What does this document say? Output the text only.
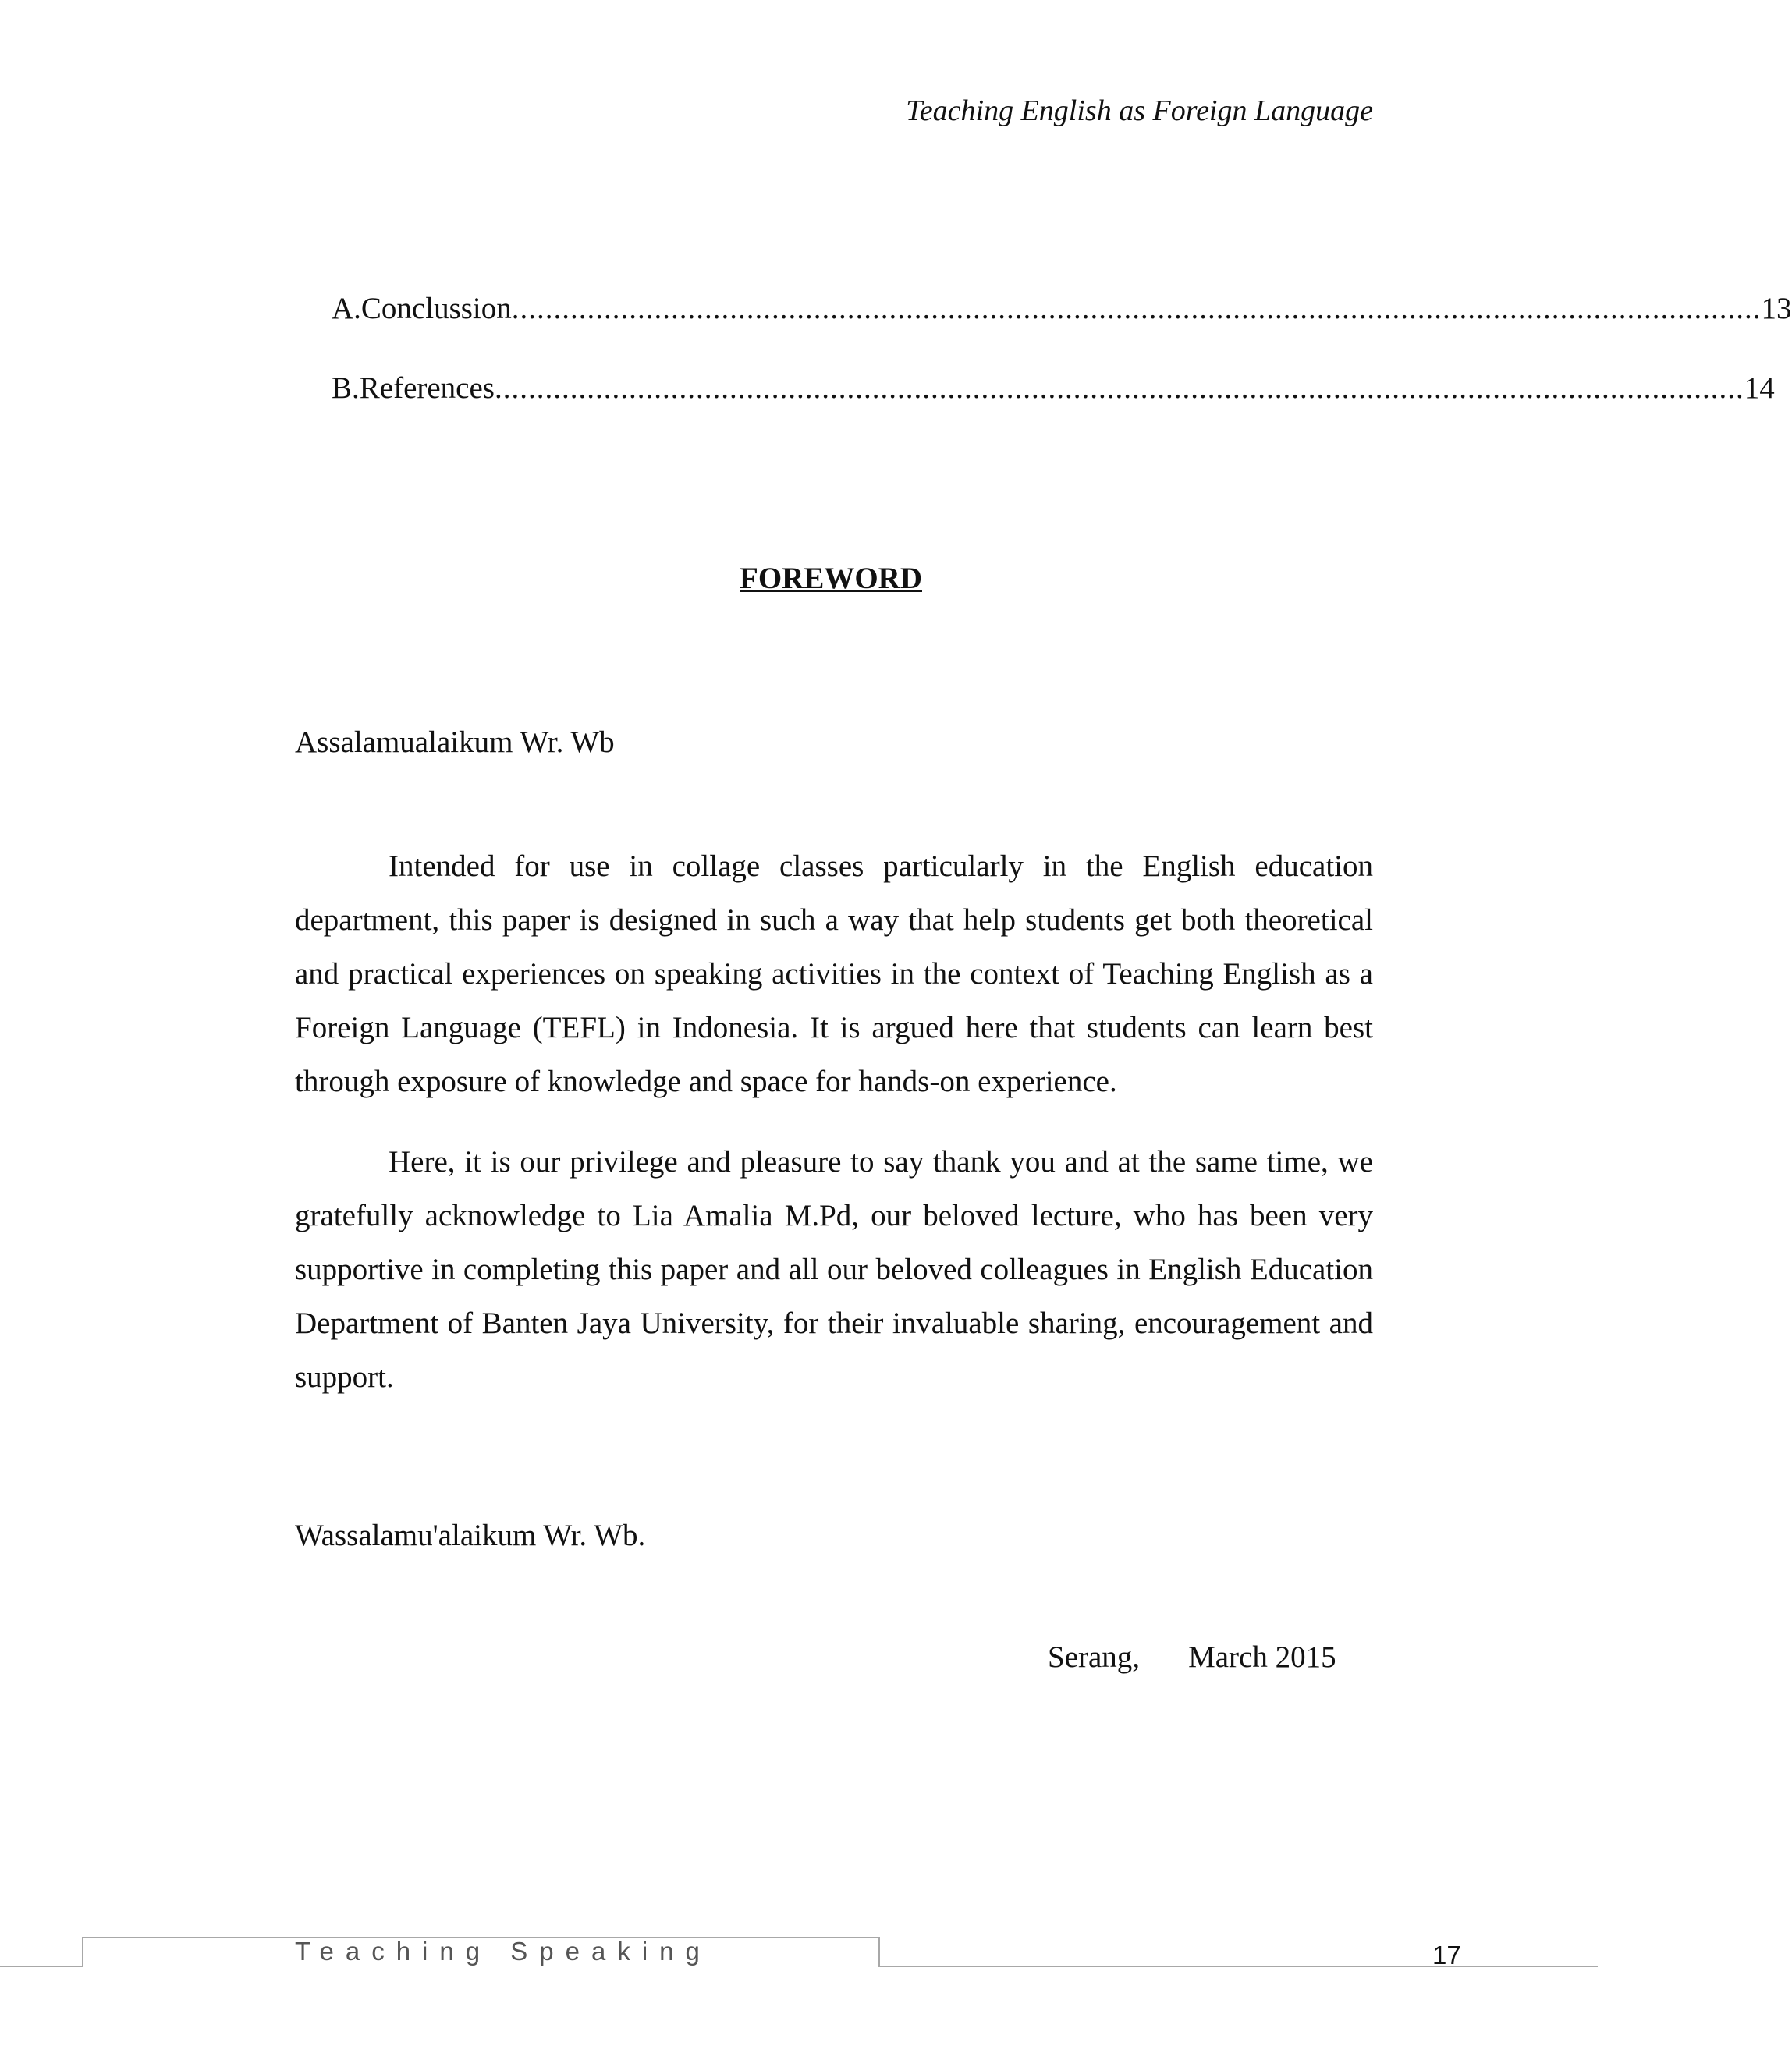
Teaching English as Foreign Language
A.Conclussion ..................................................................................................................................................... 13
B.References ..................................................................................................................................................... 14
FOREWORD
Assalamualaikum Wr. Wb

Intended for use in collage classes particularly in the English education department, this paper is designed in such a way that help students get both theoretical and practical experiences on speaking activities in the context of Teaching English as a Foreign Language (TEFL) in Indonesia. It is argued here that students can learn best through exposure of knowledge and space for hands-on experience.

Here, it is our privilege and pleasure to say thank you and at the same time, we gratefully acknowledge to Lia Amalia M.Pd, our beloved lecture, who has been very supportive in completing this paper and all our beloved colleagues in English Education Department of Banten Jaya University, for their invaluable sharing, encouragement and support.

Wassalamu'alaikum Wr. Wb.
Serang, March 2015
Teaching Speaking	17
